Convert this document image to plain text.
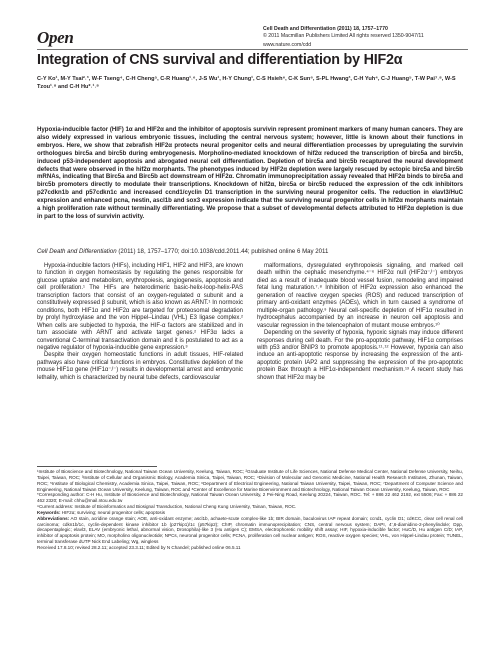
Open	Cell Death and Differentiation (2011) 18, 1757–1770
© 2011 Macmillan Publishers Limited All rights reserved 1350-9047/11
www.nature.com/cdd
Integration of CNS survival and differentiation by HIF2α
C-Y Ko¹, M-Y Tsai²˒³, W-F Tseng⁴, C-H Cheng⁵, C-R Huang¹˒⁶, J-S Wu¹, H-Y Chung¹, C-S Hsieh⁶, C-K Sun⁶, S-PL Hwang³, C-H Yuh⁴, C-J Huang⁵, T-W Pai⁷˒⁸, W-S Tzou¹˒⁸ and C-H Hu*˒¹˒⁸
Hypoxia-inducible factor (HIF) 1α and HIF2α and the inhibitor of apoptosis survivin represent prominent markers of many human cancers. They are also widely expressed in various embryonic tissues, including the central nervous system; however, little is known about their functions in embryos. Here, we show that zebrafish HIF2α protects neural progenitor cells and neural differentiation processes by upregulating the survivin orthologues birc5a and birc5b during embryogenesis. Morpholino-mediated knockdown of hif2α reduced the transcription of birc5a and birc5b, induced p53-independent apoptosis and abrogated neural cell differentiation. Depletion of birc5a and birc5b recaptured the neural development defects that were observed in the hif2α morphants. The phenotypes induced by HIF2α depletion were largely rescued by ectopic birc5a and birc5b mRNAs, indicating that Birc5a and Birc5b act downstream of HIF2α. Chromatin immunoprecipitation assay revealed that HIF2α binds to birc5a and birc5b promoters directly to modulate their transcriptions. Knockdown of hif2α, birc5a or birc5b reduced the expression of the cdk inhibitors p27cdkn1b and p57cdkn1c and increased ccnd1/cyclin D1 transcription in the surviving neural progenitor cells. The reduction in elavl3/HuC expression and enhanced pcna, nestin, ascl1b and sox3 expression indicate that the surviving neural progenitor cells in hif2α morphants maintain a high proliferation rate without terminally differentiating. We propose that a subset of developmental defects attributed to HIF2α depletion is due in part to the loss of survivin activity.
Cell Death and Differentiation (2011) 18, 1757–1770; doi:10.1038/cdd.2011.44; published online 6 May 2011

Hypoxia-inducible factors (HIFs), including HIF1, HIF2 and HIF3, are known to function in oxygen homeostasis by regulating the genes responsible for glucose uptake and metabolism, erythropoiesis, angiogenesis, apoptosis and cell proliferation.¹ The HIFs are heterodimeric basic-helix-loop-helix-PAS transcription factors that consist of an oxygen-regulated α subunit and a constitutively expressed β subunit, which is also known as ARNT.¹ In normoxic conditions, both HIF1α and HIF2α are targeted for proteosomal degradation by prolyl hydroxylase and the von Hippel–Lindau (VHL) E3 ligase complex.² When cells are subjected to hypoxia, the HIF-α factors are stabilized and in turn associate with ARNT and activate target genes.² HIF3α lacks a conventional C-terminal transactivation domain and it is postulated to act as a negative regulator of hypoxia-inducible gene expression.³

Despite their oxygen homeostatic functions in adult tissues, HIF-related pathways also have critical functions in embryos. Constitutive depletion of the mouse HIF1α gene (HIF1α⁻/⁻) results in developmental arrest and embryonic lethality, which is characterized by neural tube defects, cardiovascular

malformations, dysregulated erythropoiesis signaling, and marked cell death within the cephalic mesenchyme.⁴⁻⁶ HIF2α null (HIF2α⁻/⁻) embryos died as a result of inadequate blood vessel fusion, remodeling and impaired fetal lung maturation.⁷˒⁸ Inhibition of HIF2α expression also enhanced the generation of reactive oxygen species (ROS) and reduced transcription of primary anti-oxidant enzymes (AOEs), which in turn caused a syndrome of multiple-organ pathology.⁹ Neural cell-specific depletion of HIF1α resulted in hydrocephalus accompanied by an increase in neuron cell apoptosis and vascular regression in the telencephalon of mutant mouse embryos.¹⁰

Depending on the severity of hypoxia, hypoxic signals may induce different responses during cell death. For the pro-apoptotic pathway, HIF1α comprises with p53 and/or BNIP3 to promote apoptosis.¹¹˒¹² However, hypoxia can also induce an anti-apoptotic response by increasing the expression of the anti-apoptotic protein IAP2 and suppressing the expression of the pro-apoptotic protein Bax through a HIF1α-independent mechanism.¹³ A recent study has shown that HIF2α may be

¹Institute of Bioscience and Biotechnology, National Taiwan Ocean University, Keelung, Taiwan, ROC; ²Graduate Institute of Life Sciences, National Defense Medical Center, National Defense University, Neihu, Taipei, Taiwan, ROC; ³Institute of Cellular and Organismic Biology, Academia Sinica, Taipei, Taiwan, ROC; ⁴Division of Molecular and Genomic Medicine, National Health Research Institutes, Zhunan, Taiwan, ROC; ⁵Institute of Biological Chemistry, Academia Sinica, Taipei, Taiwan, ROC; ⁶Department of Electrical Engineering, National Taiwan University, Taipei, Taiwan, ROC; ⁷Department of Computer Science and Engineering, National Taiwan Ocean University, Keelung, Taiwan, ROC and ⁸Center of Excellence for Marine Bioenvironment and Biotechnology, National Taiwan Ocean University, Keelung, Taiwan, ROC

*Corresponding author: C-H Hu, Institute of Bioscience and Biotechnology, National Taiwan Ocean University, 2 Pei-Ning Road, Keelung 20224, Taiwan, ROC. Tel: + 886 22 462 2192, ext 5506; Fax: + 886 22 462 2320; E-mail: chhu@mail.ntou.edu.tw

⁹Current address: Institute of Bioinformatics and Biosignal Transduction, National Cheng Kung University, Tainan, Taiwan, ROC.

Keywords: HIF2α; surviving; neural progenitor cells; apoptosis

Abbreviations: AO stain, acridine orange stain; AOE, anti-oxidant enzyme; ascl1b, achaete-scute complex-like 1b; BIR domain, baculovirus IAP repeat domain; ccnd1, cyclin D1; cdKCC, clear cell renal cell carcinoma; cdkn1b/1c, cyclin-dependent kinase inhibitor 1b (p27kip1)/1c (p57kip2); ChIP, chromatin immunoprecipitation; CNS, central nervous system; DAPI, 4',6-diamidino-2-phenylindole; Dpp, decapentaplegic; elavl3, ELAV (embryonic lethal, abnormal vision, Drosophila)-like 3 (Hu antigen C); EMSA, electrophoretic mobility shift assay; HIF, hypoxia-inducible factor; HuC/D, Hu antigen C/D; IAP, inhibitor of apoptosis protein; MO, morpholino oligonucleotide; NPCs, neuronal progenitor cells; PCNA, proliferation cell nuclear antigen; ROS, reactive oxygen species; VHL, von Hippel-Lindau protein; TUNEL, terminal transferase dUTP Nick End Labeling; Wg, wingless

Received 17.8.10; revised 28.2.11; accepted 23.3.11; Edited by N Chandel; published online 06.5.11
